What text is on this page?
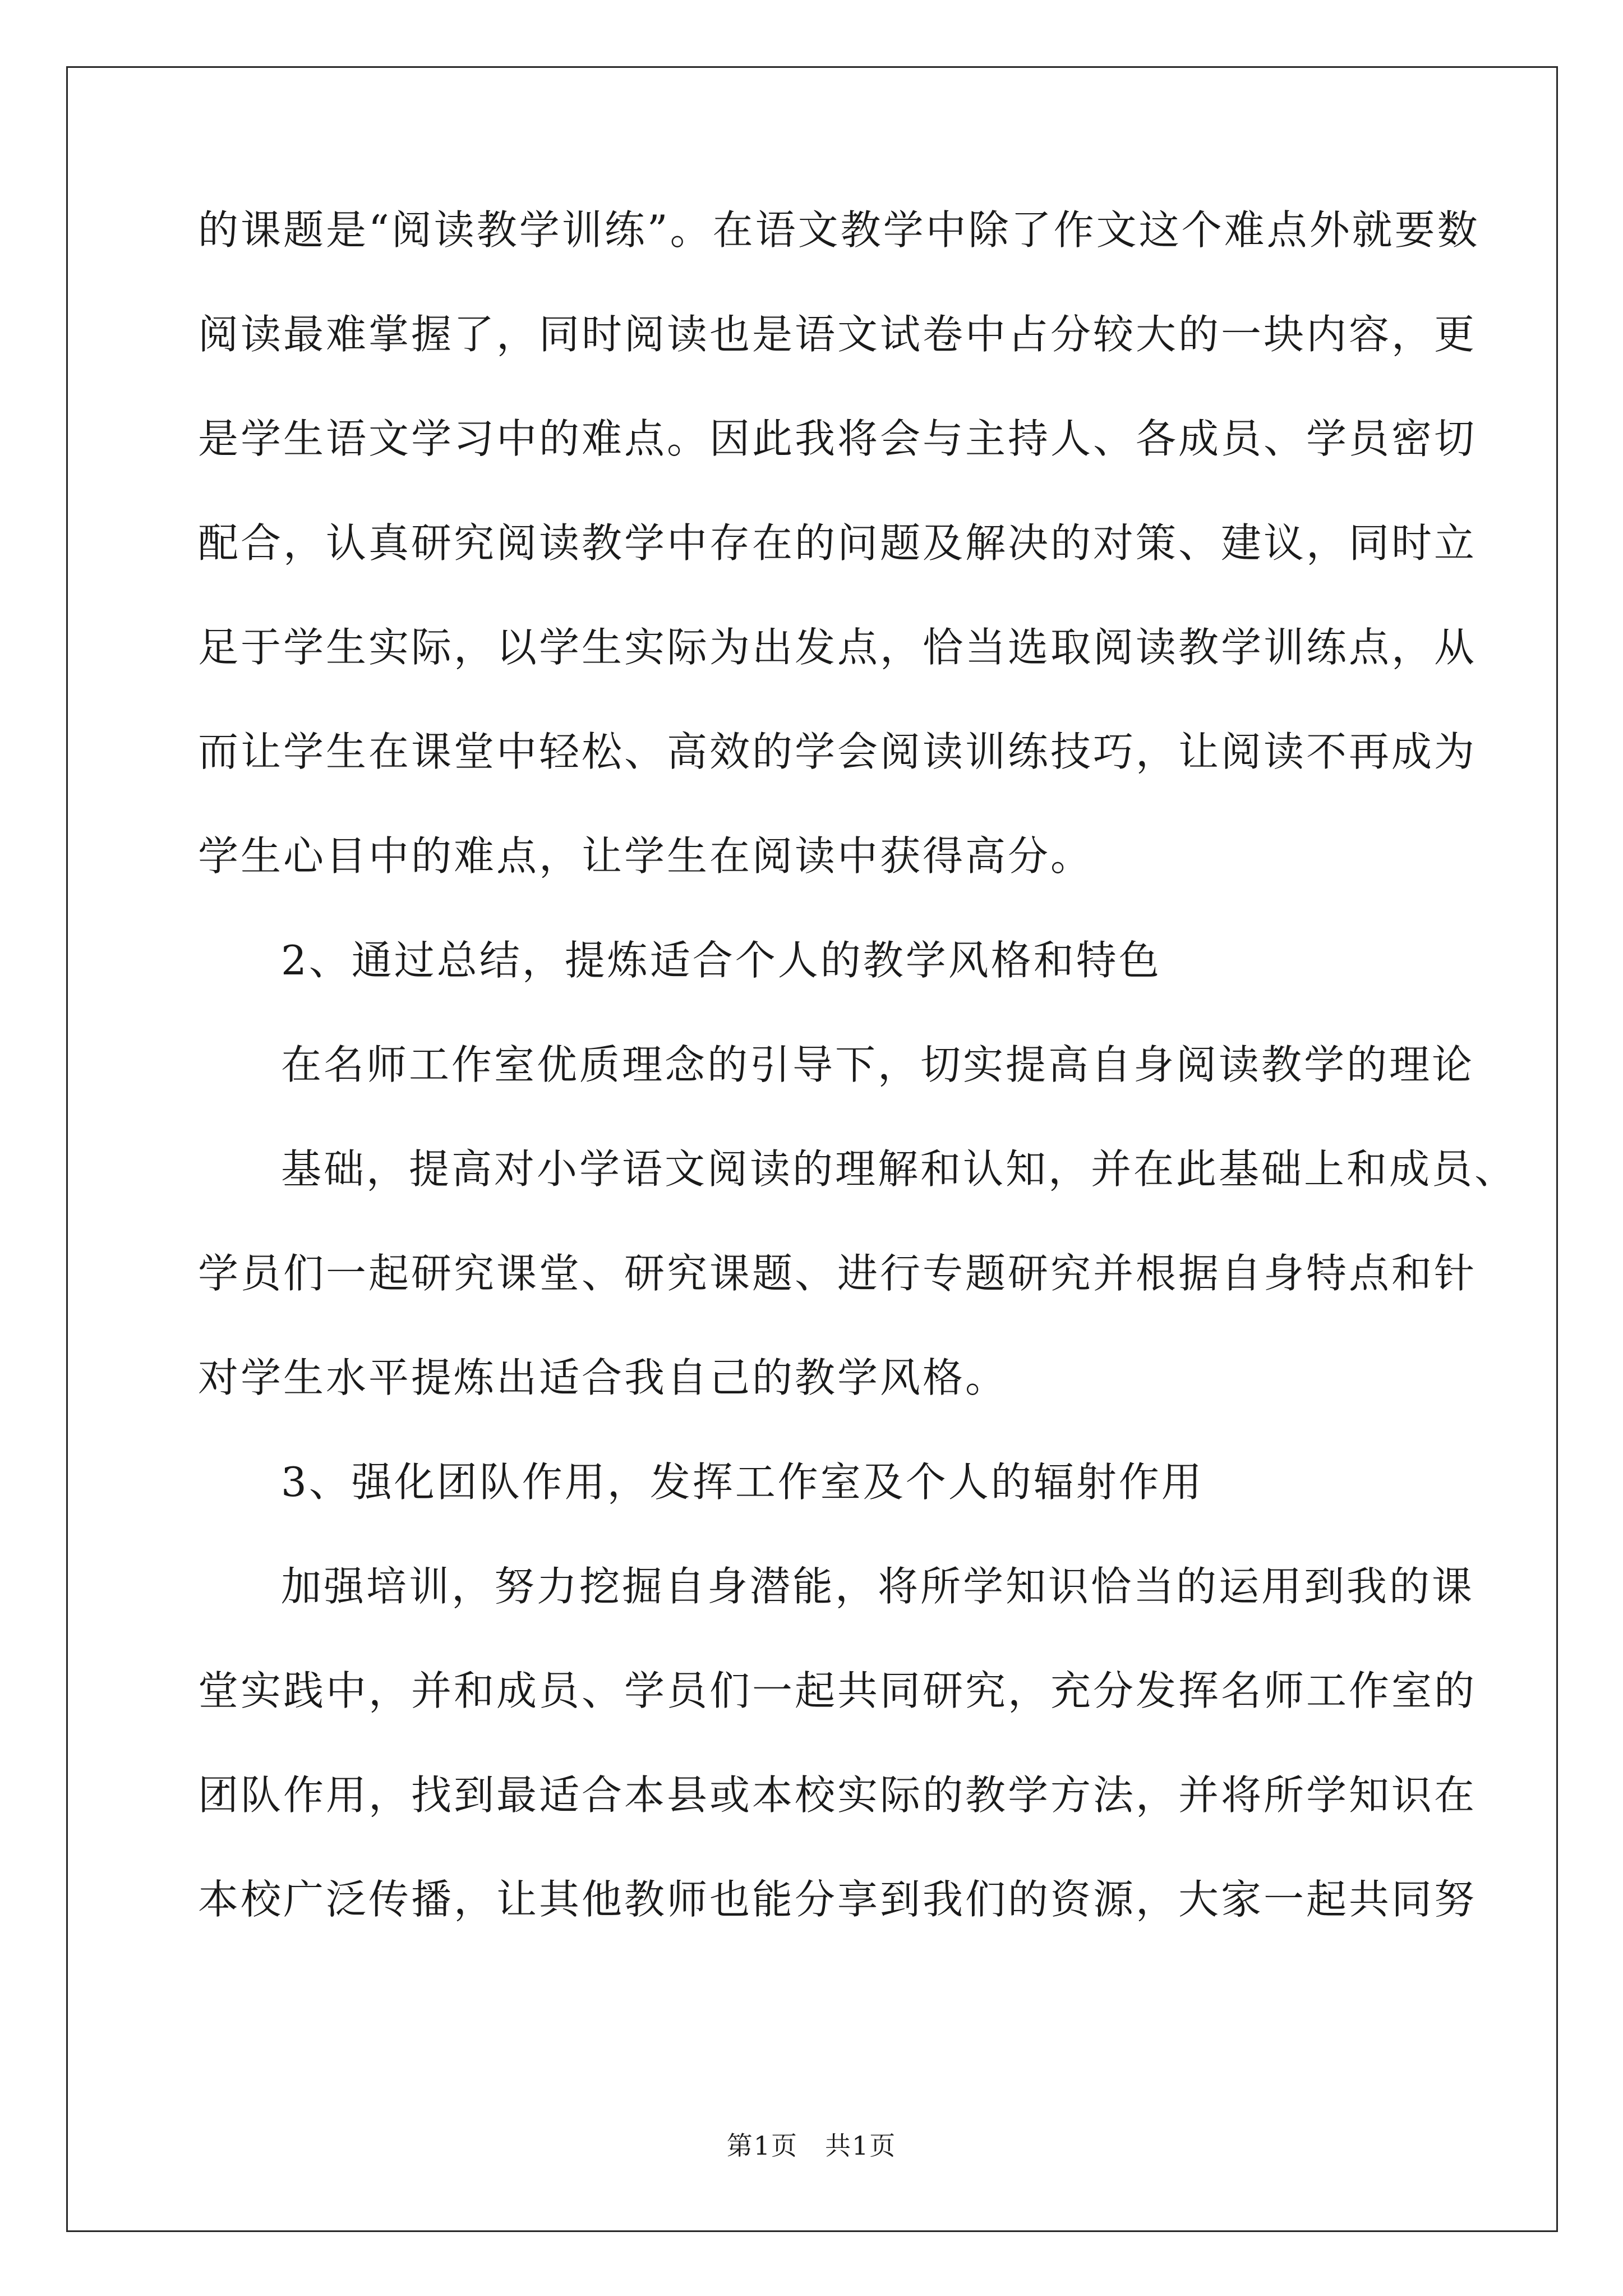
的课题是“阅读教学训练”。在语文教学中除了作文这个难点外就要数
阅读最难掌握了，同时阅读也是语文试卷中占分较大的一块内容，更
是学生语文学习中的难点。因此我将会与主持人、各成员、学员密切
配合，认真研究阅读教学中存在的问题及解决的对策、建议，同时立
足于学生实际，以学生实际为出发点，恰当选取阅读教学训练点，从
而让学生在课堂中轻松、高效的学会阅读训练技巧，让阅读不再成为
学生心目中的难点，让学生在阅读中获得高分。
2、通过总结，提炼适合个人的教学风格和特色
在名师工作室优质理念的引导下，切实提高自身阅读教学的理论
基础，提高对小学语文阅读的理解和认知，并在此基础上和成员、
学员们一起研究课堂、研究课题、进行专题研究并根据自身特点和针
对学生水平提炼出适合我自己的教学风格。
3、强化团队作用，发挥工作室及个人的辐射作用
加强培训，努力挖掘自身潜能，将所学知识恰当的运用到我的课
堂实践中，并和成员、学员们一起共同研究，充分发挥名师工作室的
团队作用，找到最适合本县或本校实际的教学方法，并将所学知识在
本校广泛传播，让其他教师也能分享到我们的资源，大家一起共同努
第1页　共1页
